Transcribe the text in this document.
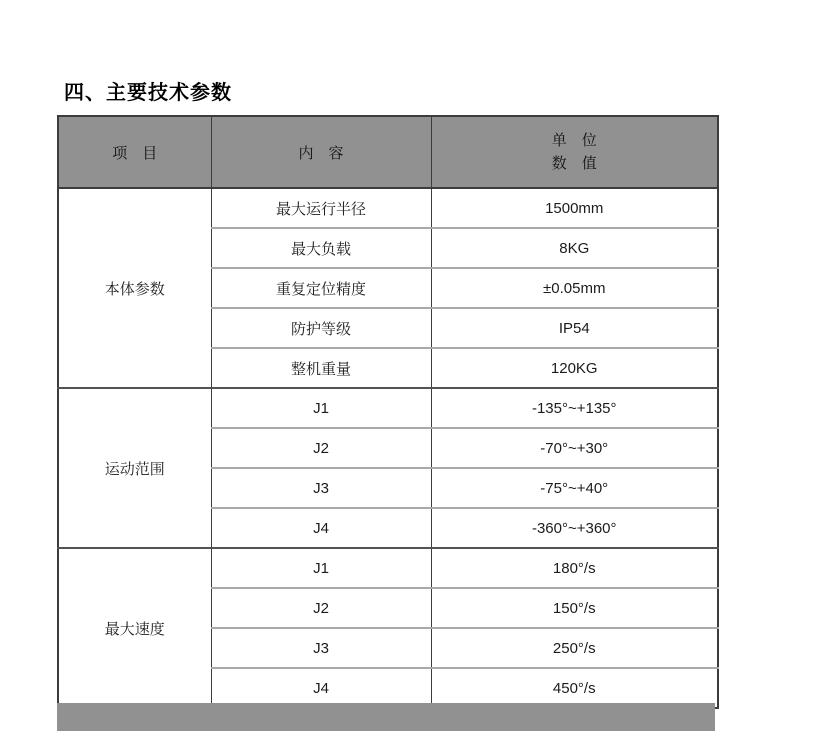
四、主要技术参数
项　目	内　容	单　位
数　值

本体参数	最大运行半径	1500mm
	最大负载	8KG
	重复定位精度	±0.05mm
	防护等级	IP54
	整机重量	120KG
运动范围	J1	-135°~+135°
	J2	-70°~+30°
	J3	-75°~+40°
	J4	-360°~+360°
最大速度	J1	180°/s
	J2	150°/s
	J3	250°/s
	J4	450°/s
